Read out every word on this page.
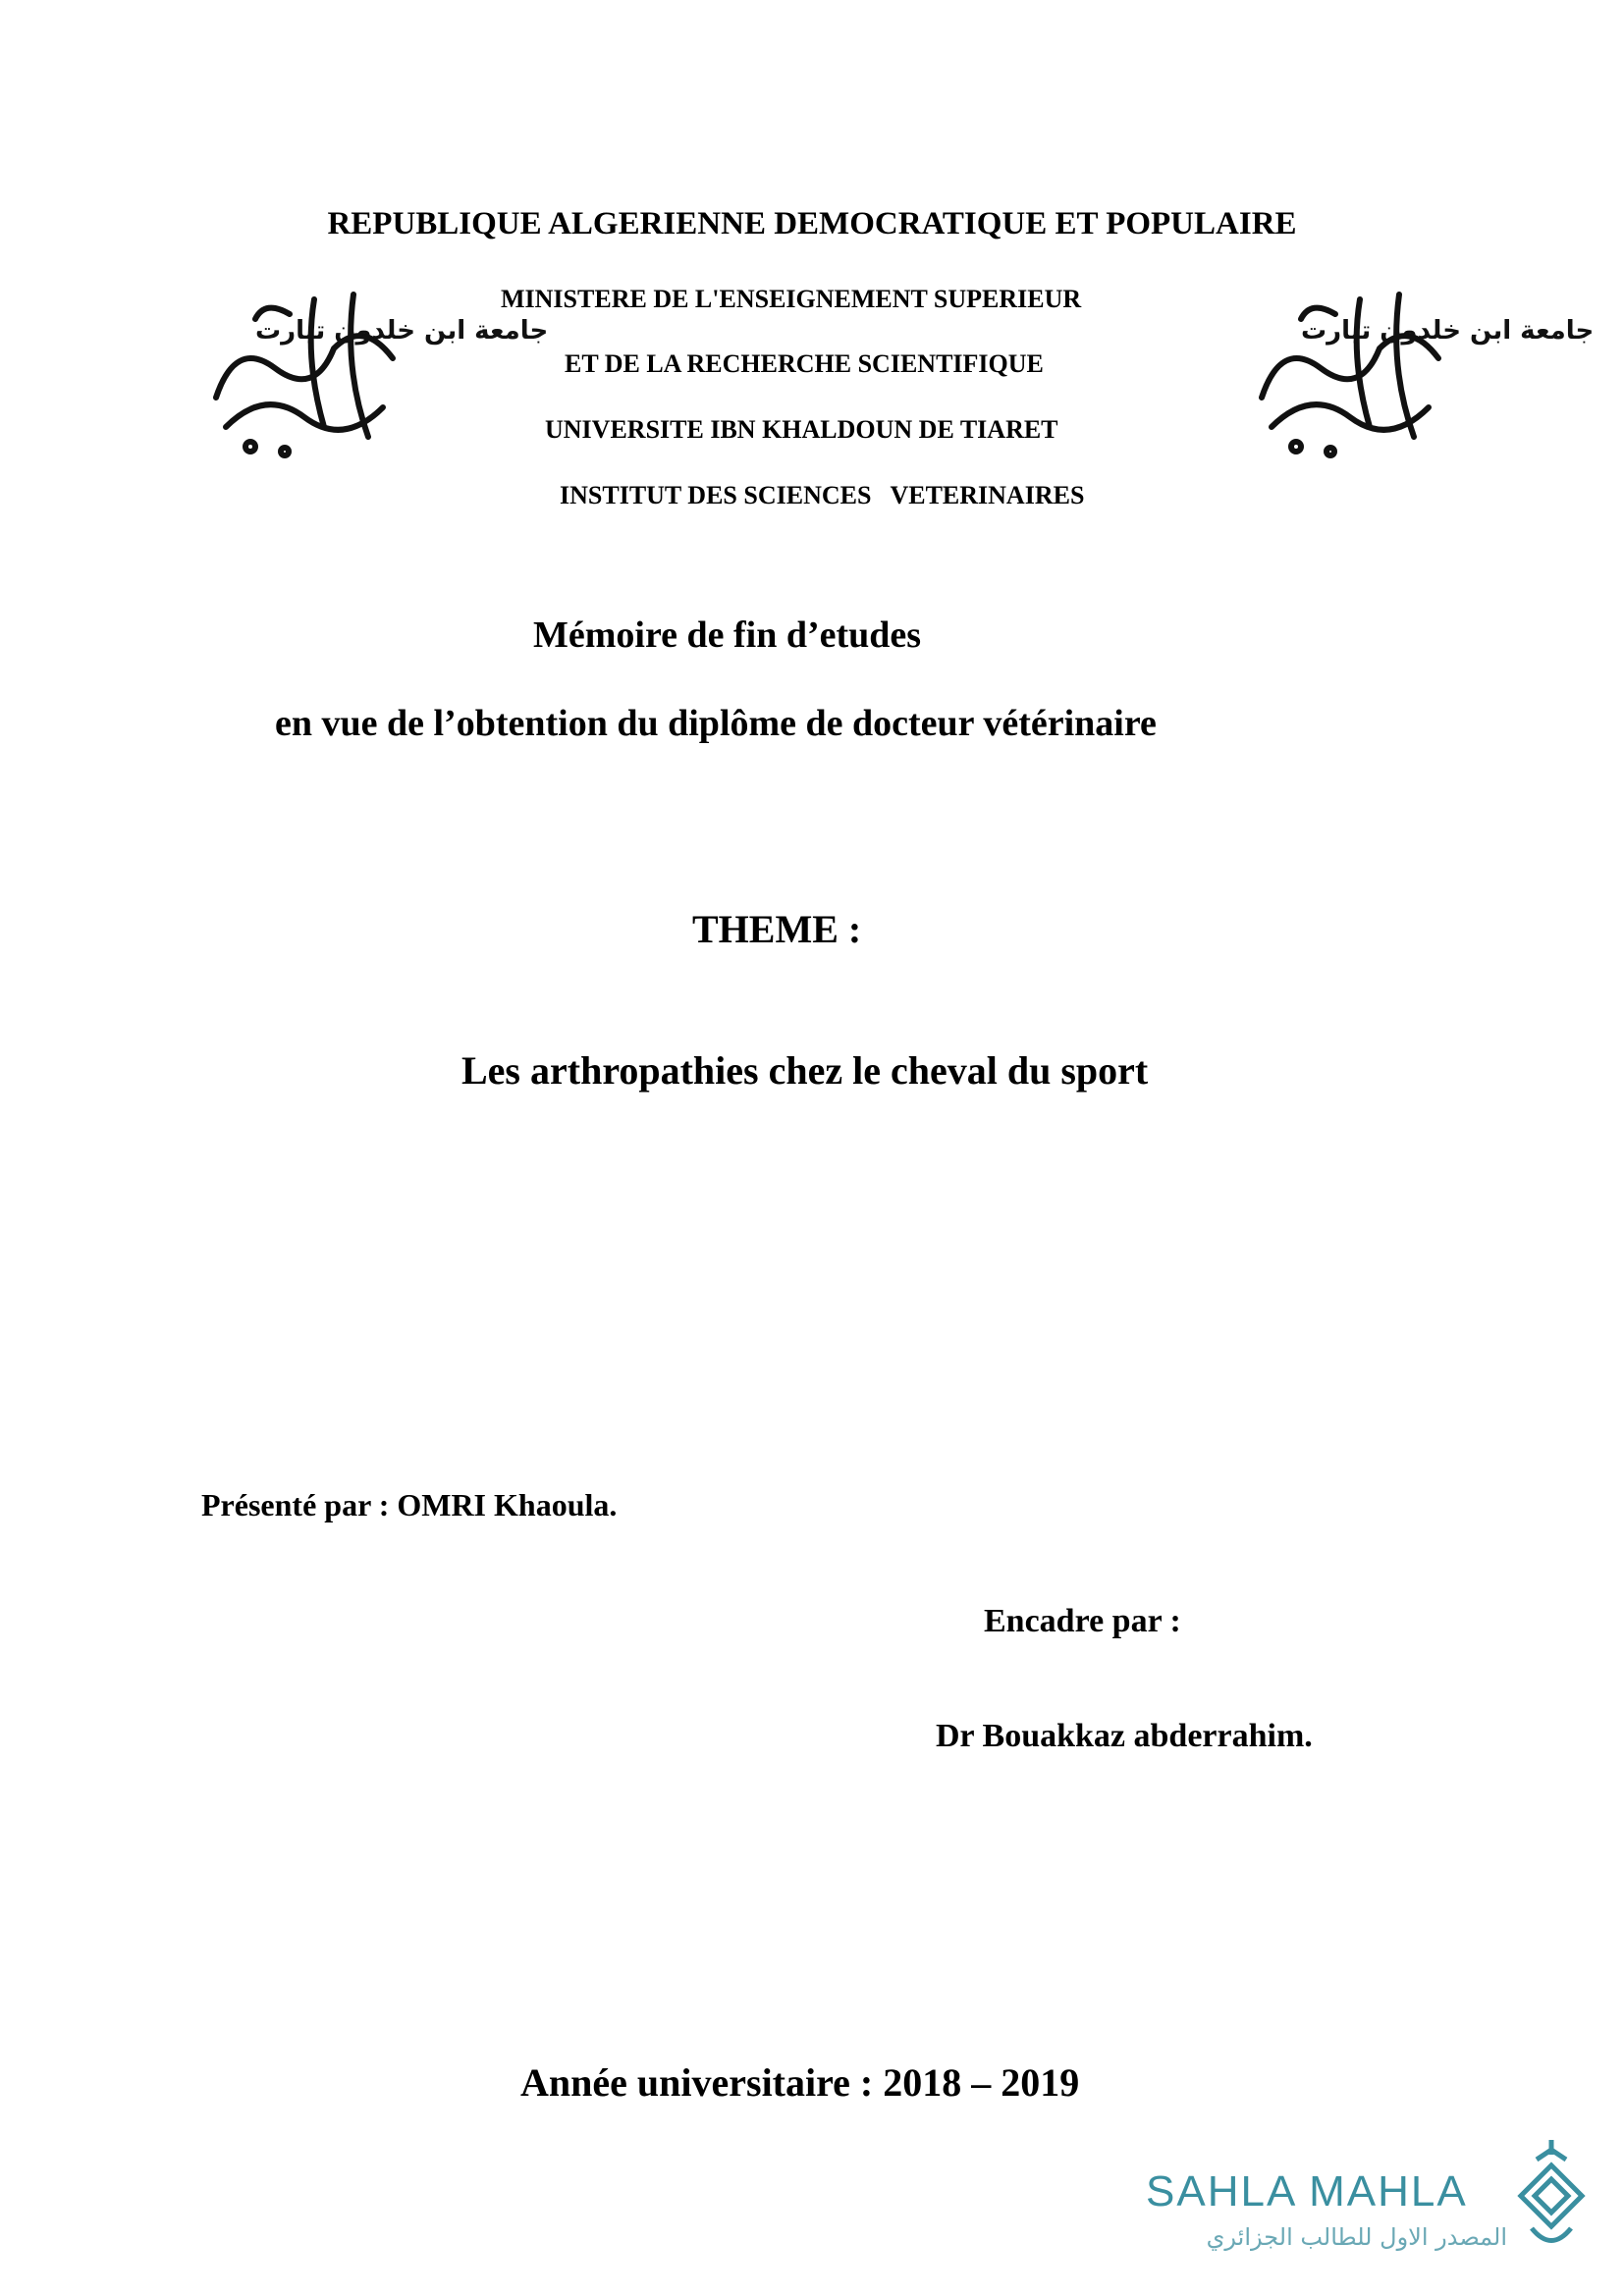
جامعة ابن خلدون تيارت	جامعة ابن خلدون تيارت
REPUBLIQUE ALGERIENNE DEMOCRATIQUE ET POPULAIRE
MINISTERE DE L'ENSEIGNEMENT SUPERIEUR
ET DE LA RECHERCHE SCIENTIFIQUE
UNIVERSITE IBN KHALDOUN DE TIARET
INSTITUT DES SCIENCES   VETERINAIRES
Mémoire de fin d’etudes
en vue de l’obtention du diplôme de docteur vétérinaire
THEME :
Les arthropathies chez le cheval du sport
Présenté par : OMRI Khaoula.
Encadre par :
Dr Bouakkaz abderrahim.
Année universitaire : 2018 – 2019
SAHLA MAHLA
المصدر الاول للطالب الجزائري
